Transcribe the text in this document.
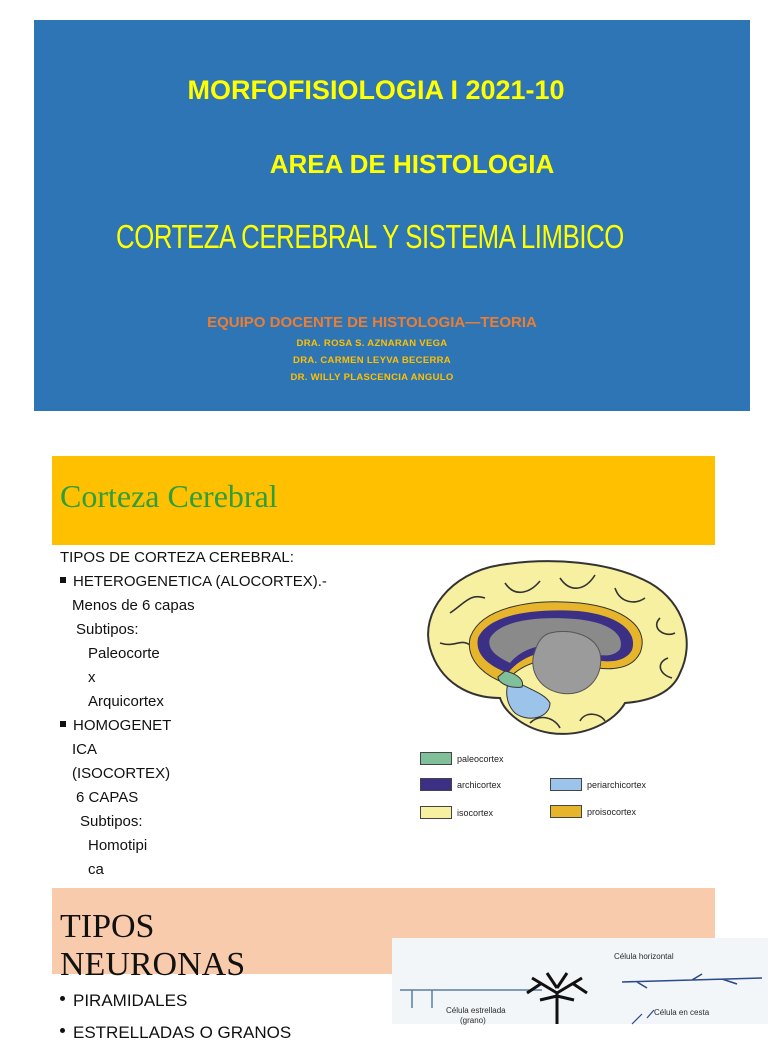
MORFOFISIOLOGIA I 2021-10
AREA DE HISTOLOGIA
CORTEZA CEREBRAL Y SISTEMA LIMBICO
EQUIPO DOCENTE DE HISTOLOGIA—TEORIA
DRA. ROSA S. AZNARAN VEGA
DRA. CARMEN LEYVA BECERRA
DR. WILLY PLASCENCIA ANGULO
Corteza Cerebral
TIPOS DE CORTEZA CEREBRAL:
HETEROGENETICA (ALOCORTEX).-
Menos de 6 capas
Subtipos:
Paleocorte
x
Arquicortex
HOMOGENET
ICA
(ISOCORTEX)
6 CAPAS
Subtipos:
Homotipi
ca
paleocortex
archicortex	periarchicortex
isocortex	proisocortex
TIPOS
NEURONAS
PIRAMIDALES
ESTRELLADAS O GRANOS
Célula horizontal
Célula estrellada
(grano)
Célula en cesta
